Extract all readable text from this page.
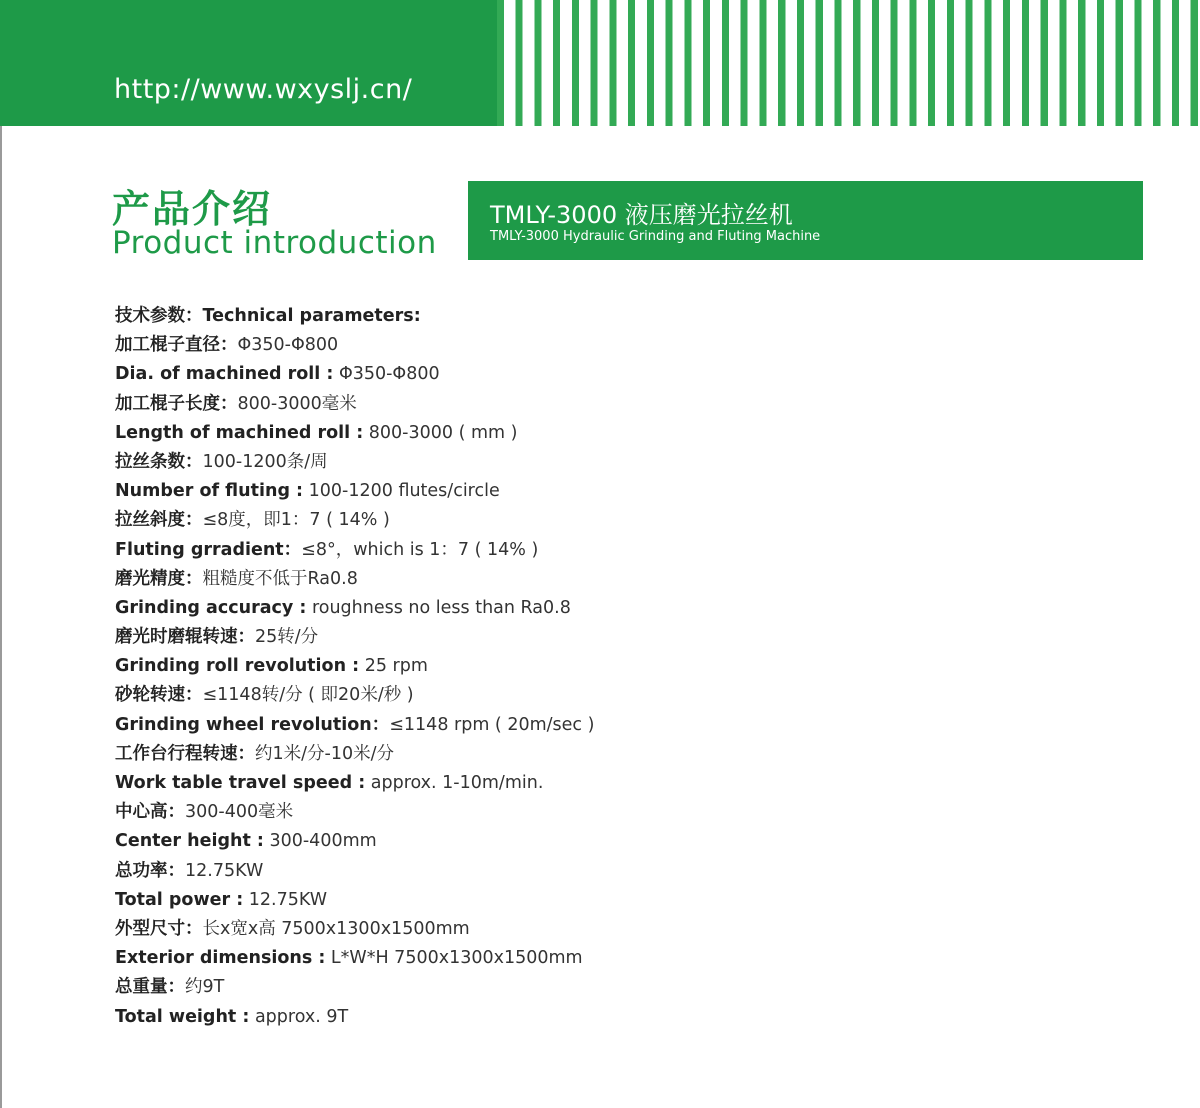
http://www.wxyslj.cn/
产品介绍
Product introduction
TMLY-3000 液压磨光拉丝机
TMLY-3000 Hydraulic Grinding and Fluting Machine
技术参数：Technical parameters:
加工棍子直径：Φ350-Φ800
Dia. of machined roll : Φ350-Φ800
加工棍子长度：800-3000毫米
Length of machined roll : 800-3000 ( mm )
拉丝条数：100-1200条/周
Number of fluting : 100-1200 flutes/circle
拉丝斜度：≤8度，即1：7 ( 14% )
Fluting grradient：≤8°，which is 1：7 ( 14% )
磨光精度：粗糙度不低于Ra0.8
Grinding accuracy : roughness no less than Ra0.8
磨光时磨辊转速：25转/分
Grinding roll revolution : 25 rpm
砂轮转速：≤1148转/分 ( 即20米/秒 )
Grinding wheel revolution：≤1148 rpm ( 20m/sec )
工作台行程转速：约1米/分-10米/分
Work table travel speed : approx. 1-10m/min.
中心高：300-400毫米
Center height : 300-400mm
总功率：12.75KW
Total power : 12.75KW
外型尺寸：长x宽x高 7500x1300x1500mm
Exterior dimensions : L*W*H 7500x1300x1500mm
总重量：约9T
Total weight : approx. 9T
